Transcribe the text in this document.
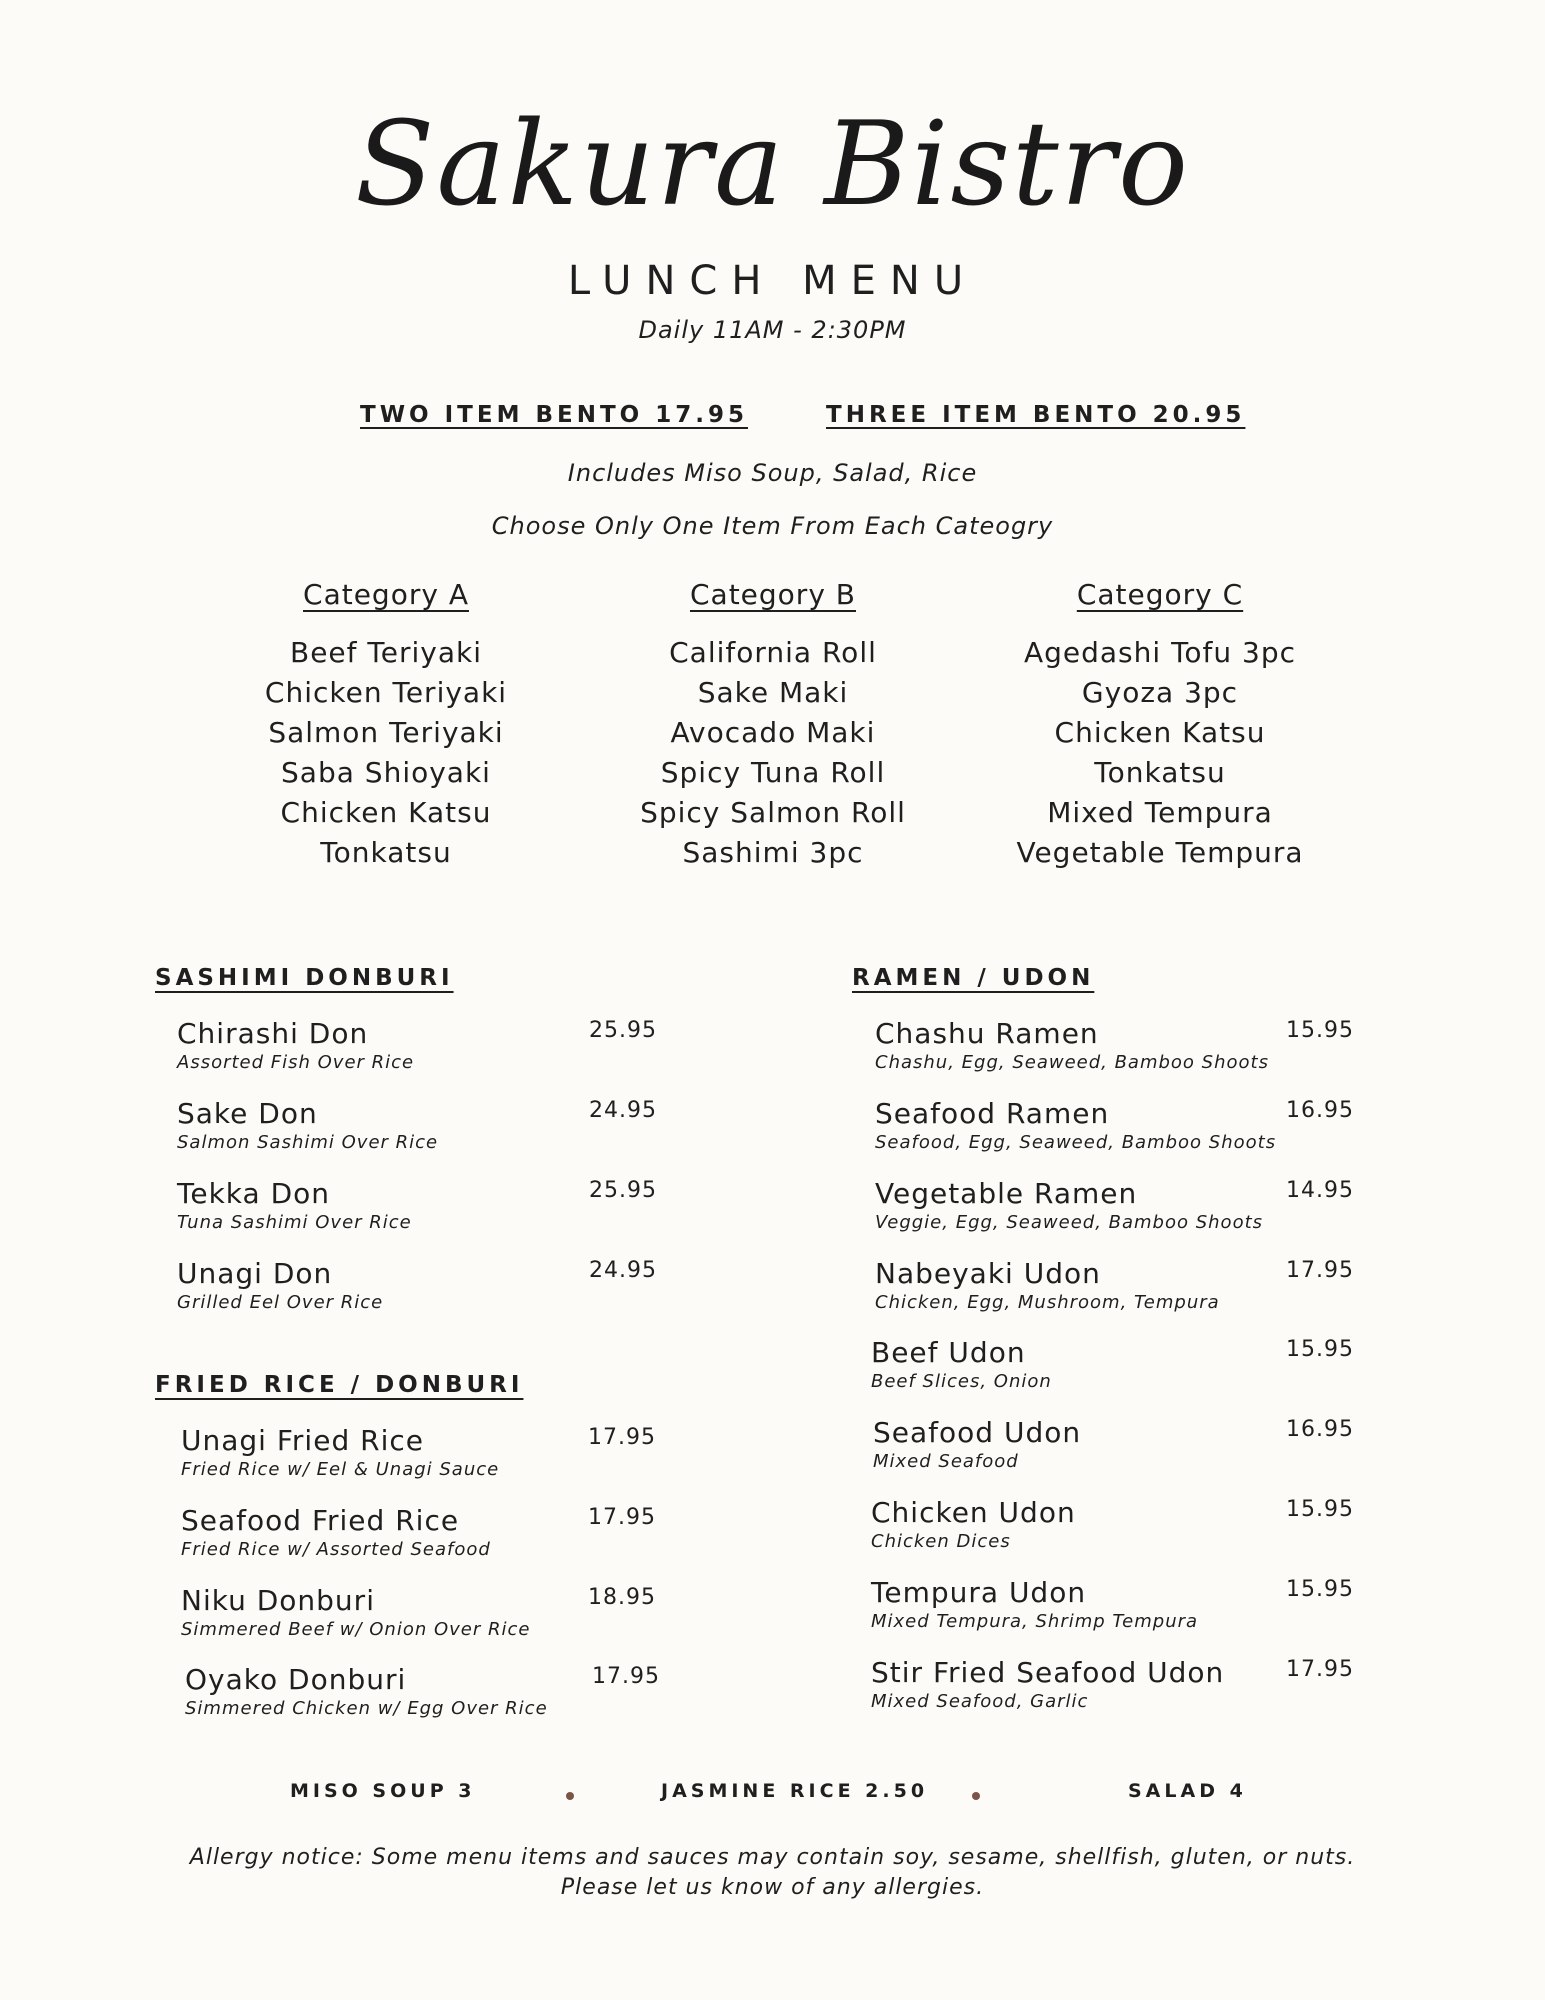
Sakura Bistro
LUNCH MENU
Daily 11AM - 2:30PM
TWO ITEM BENTO 17.95	THREE ITEM BENTO 20.95
Includes Miso Soup, Salad, Rice
Choose Only One Item From Each Cateogry
Category A
Beef Teriyaki
Chicken Teriyaki
Salmon Teriyaki
Saba Shioyaki
Chicken Katsu
Tonkatsu
Category B
California Roll
Sake Maki
Avocado Maki
Spicy Tuna Roll
Spicy Salmon Roll
Sashimi 3pc
Category C
Agedashi Tofu 3pc
Gyoza 3pc
Chicken Katsu
Tonkatsu
Mixed Tempura
Vegetable Tempura
SASHIMI DONBURI
Chirashi Don
Assorted Fish Over Rice
25.95
Sake Don
Salmon Sashimi Over Rice
24.95
Tekka Don
Tuna Sashimi Over Rice
25.95
Unagi Don
Grilled Eel Over Rice
24.95
FRIED RICE / DONBURI
Unagi Fried Rice
Fried Rice w/ Eel & Unagi Sauce
17.95
Seafood Fried Rice
Fried Rice w/ Assorted Seafood
17.95
Niku Donburi
Simmered Beef w/ Onion Over Rice
18.95
Oyako Donburi
Simmered Chicken w/ Egg Over Rice
17.95
RAMEN / UDON
Chashu Ramen
Chashu, Egg, Seaweed, Bamboo Shoots
15.95
Seafood Ramen
Seafood, Egg, Seaweed, Bamboo Shoots
16.95
Vegetable Ramen
Veggie, Egg, Seaweed, Bamboo Shoots
14.95
Nabeyaki Udon
Chicken, Egg, Mushroom, Tempura
17.95
Beef Udon
Beef Slices, Onion
15.95
Seafood Udon
Mixed Seafood
16.95
Chicken Udon
Chicken Dices
15.95
Tempura Udon
Mixed Tempura, Shrimp Tempura
15.95
Stir Fried Seafood Udon
Mixed Seafood, Garlic
17.95
MISO SOUP 3	JASMINE RICE 2.50	SALAD 4
Allergy notice: Some menu items and sauces may contain soy, sesame, shellfish, gluten, or nuts. Please let us know of any allergies.
